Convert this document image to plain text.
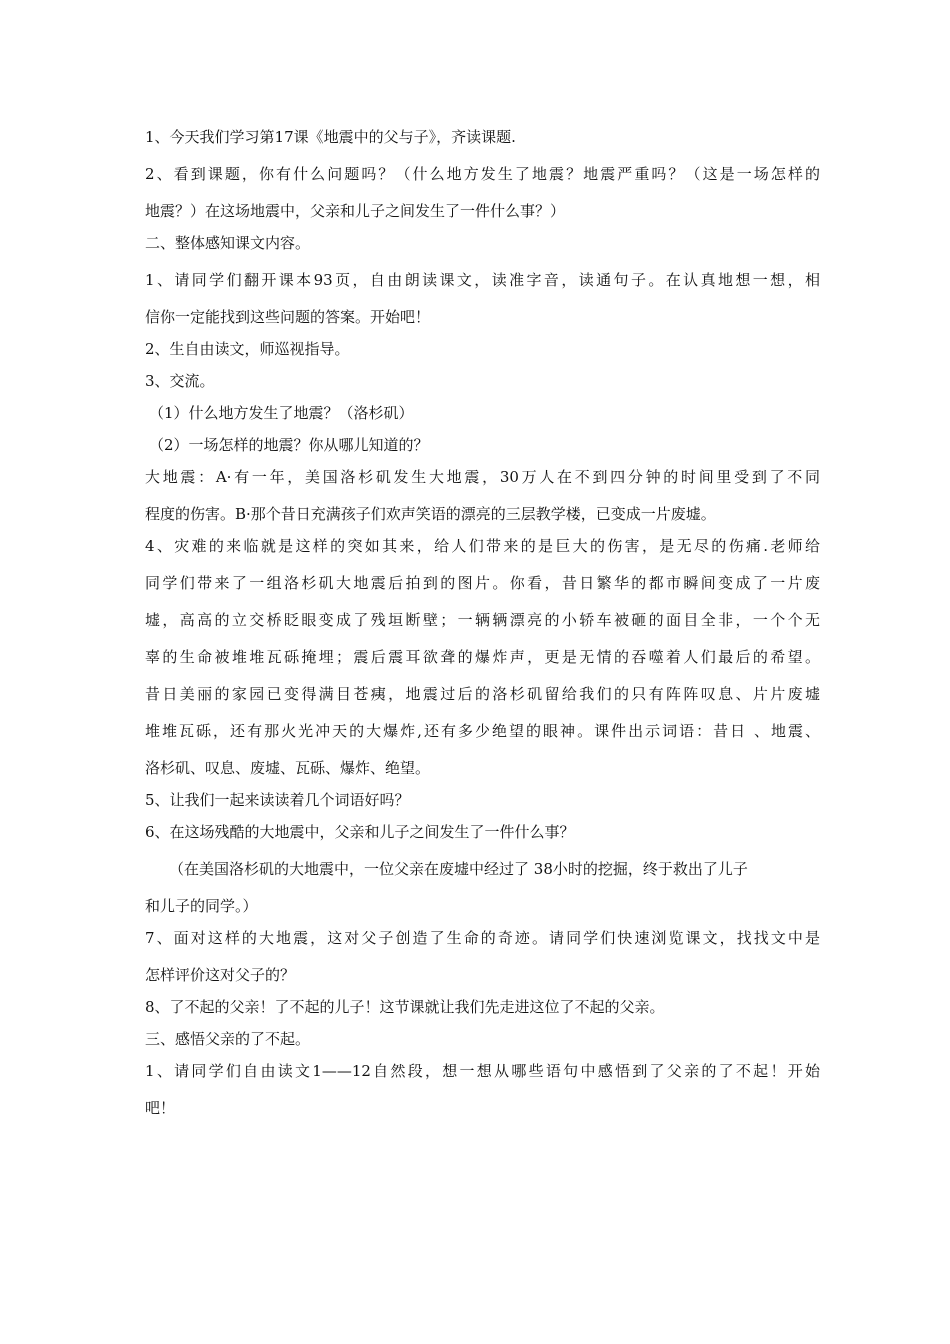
1、今天我们学习第17课《地震中的父与子》，齐读课题.
2、看到课题，你有什么问题吗？（什么地方发生了地震？地震严重吗？（这是一场怎样的
地震？）在这场地震中，父亲和儿子之间发生了一件什么事？）
二、整体感知课文内容。
1、请同学们翻开课本93页，自由朗读课文，读准字音，读通句子。在认真地想一想，相
信你一定能找到这些问题的答案。开始吧！
2、生自由读文，师巡视指导。
3、交流。
（1）什么地方发生了地震？（洛杉矶）
（2）一场怎样的地震？你从哪儿知道的？
大地震：A·有一年，美国洛杉矶发生大地震，30万人在不到四分钟的时间里受到了不同
程度的伤害。B·那个昔日充满孩子们欢声笑语的漂亮的三层教学楼，已变成一片废墟。
4、灾难的来临就是这样的突如其来，给人们带来的是巨大的伤害，是无尽的伤痛.老师给
同学们带来了一组洛杉矶大地震后拍到的图片。你看，昔日繁华的都市瞬间变成了一片废
墟，高高的立交桥眨眼变成了残垣断壁；一辆辆漂亮的小轿车被砸的面目全非，一个个无
辜的生命被堆堆瓦砾掩埋；震后震耳欲聋的爆炸声，更是无情的吞噬着人们最后的希望。
昔日美丽的家园已变得满目苍痍，地震过后的洛杉矶留给我们的只有阵阵叹息、片片废墟
堆堆瓦砾，还有那火光冲天的大爆炸,还有多少绝望的眼神。课件出示词语：昔日 、地震、
洛杉矶、叹息、废墟、瓦砾、爆炸、绝望。
5、让我们一起来读读着几个词语好吗？
6、在这场残酷的大地震中，父亲和儿子之间发生了一件什么事？
（在美国洛杉矶的大地震中，一位父亲在废墟中经过了 38小时的挖掘，终于救出了儿子
和儿子的同学。）
7、面对这样的大地震，这对父子创造了生命的奇迹。请同学们快速浏览课文，找找文中是
怎样评价这对父子的？
8、了不起的父亲！了不起的儿子！这节课就让我们先走进这位了不起的父亲。
三、感悟父亲的了不起。
1、请同学们自由读文1——12自然段，想一想从哪些语句中感悟到了父亲的了不起！开始
吧！
